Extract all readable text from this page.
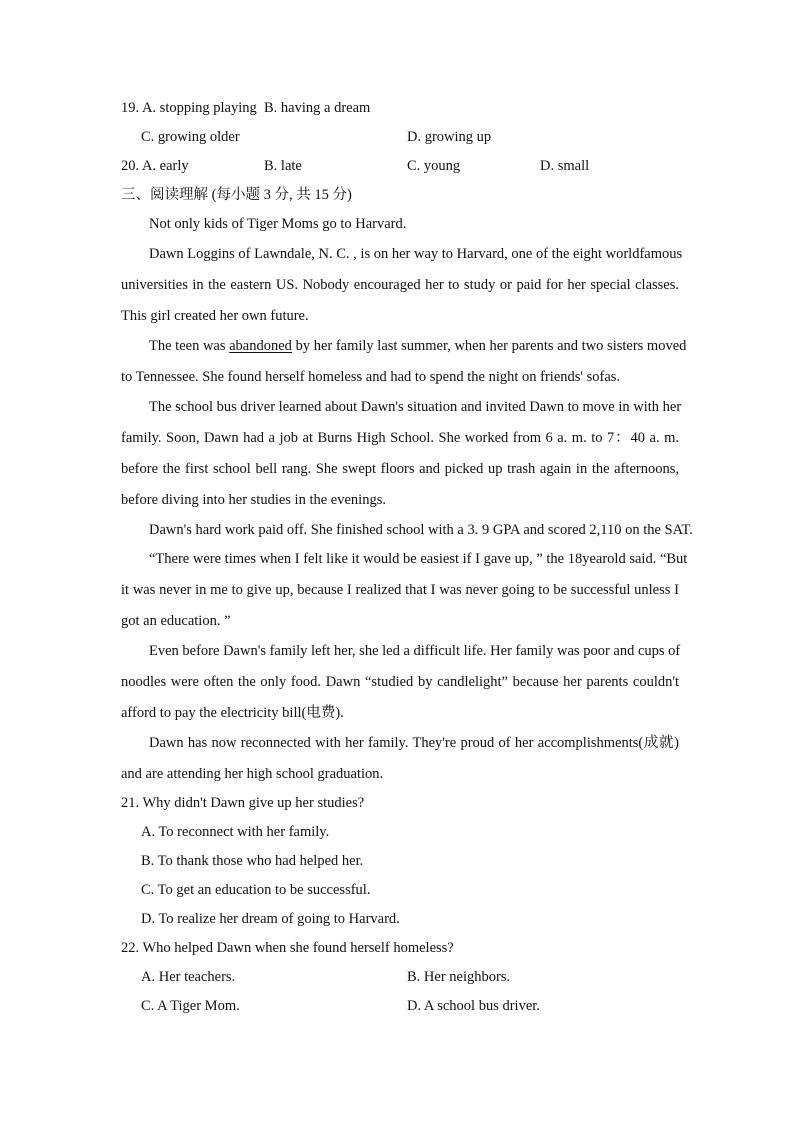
19. A. stopping playing B. having a dream
C. growing older	D. growing up
20. A. early	B. late	C. young	D. small
三、阅读理解 (每小题 3 分, 共 15 分)
Not only kids of Tiger Moms go to Harvard.
Dawn Loggins of Lawndale, N. C. , is on her way to Harvard, one of the eight worldfamous
universities in the eastern US. Nobody encouraged her to study or paid for her special classes.
This girl created her own future.
The teen was abandoned by her family last summer, when her parents and two sisters moved
to Tennessee. She found herself homeless and had to spend the night on friends' sofas.
The school bus driver learned about Dawn's situation and invited Dawn to move in with her
family. Soon, Dawn had a job at Burns High School. She worked from 6 a. m. to 7：40 a. m.
before the first school bell rang. She swept floors and picked up trash again in the afternoons,
before diving into her studies in the evenings.
Dawn's hard work paid off. She finished school with a 3. 9 GPA and scored 2,110 on the SAT.
“There were times when I felt like it would be easiest if I gave up, ” the 18yearold said. “But
it was never in me to give up, because I realized that I was never going to be successful unless I
got an education. ”
Even before Dawn's family left her, she led a difficult life. Her family was poor and cups of
noodles were often the only food. Dawn “studied by candlelight” because her parents couldn't
afford to pay the electricity bill(电费).
Dawn has now reconnected with her family. They're proud of her accomplishments(成就)
and are attending her high school graduation.
21. Why didn't Dawn give up her studies?
A. To reconnect with her family.
B. To thank those who had helped her.
C. To get an education to be successful.
D. To realize her dream of going to Harvard.
22. Who helped Dawn when she found herself homeless?
A. Her teachers.	B. Her neighbors.
C. A Tiger Mom.	D. A school bus driver.
